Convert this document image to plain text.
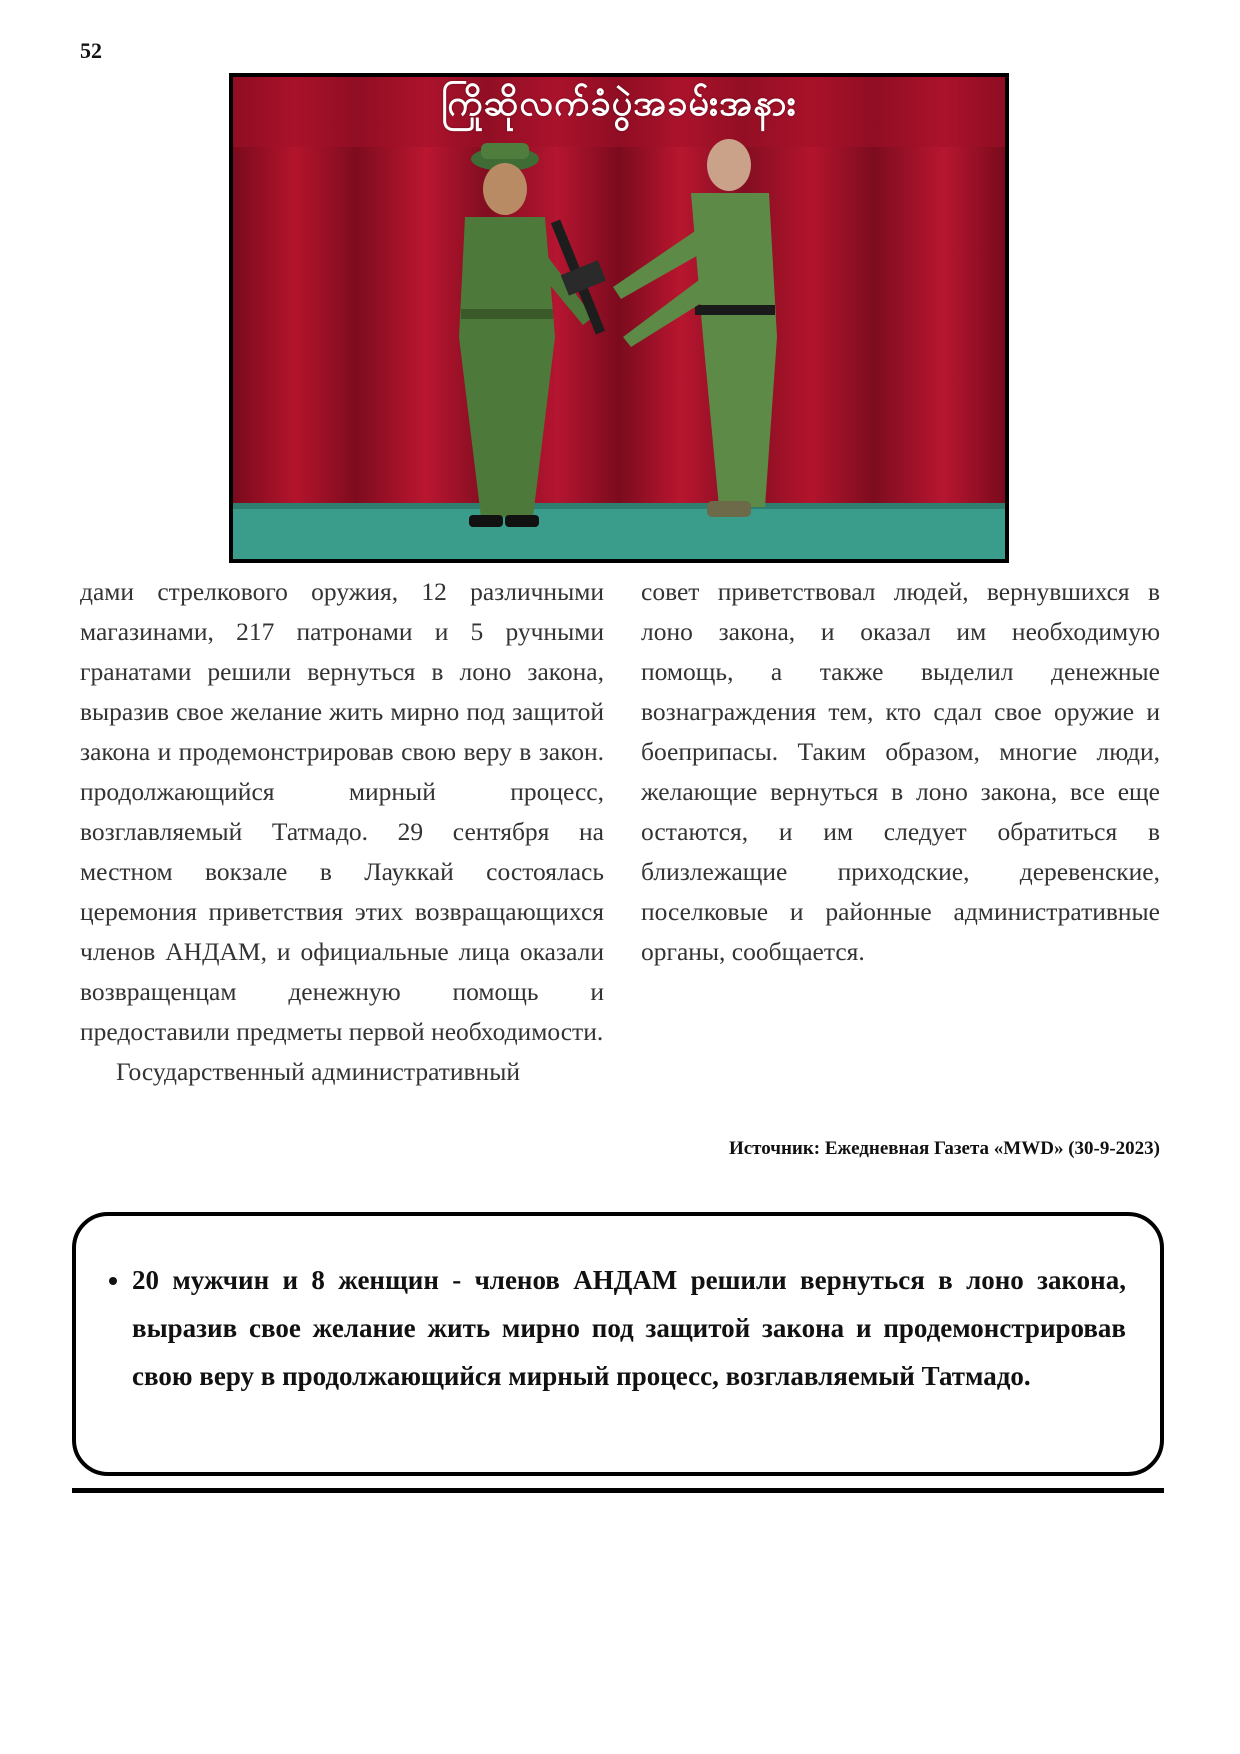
52
ကြိုဆိုလက်ခံပွဲအခမ်းအနား

дами стрелкового оружия, 12 различными магазинами, 217 патронами и 5 ручными гранатами решили вернуться в лоно закона, выразив свое желание жить мирно под защитой закона и продемонстрировав свою веру в закон. продолжающийся мирный процесс, возглавляемый Татмадо. 29 сентября на местном вокзале в Лауккай состоялась церемония приветствия этих возвращающихся членов АНДАМ, и официальные лица оказали возвращенцам денежную помощь и предоставили предметы первой необходимости.

Государственный административный

совет приветствовал людей, вернувшихся в лоно закона, и оказал им необходимую помощь, а также выделил денежные вознаграждения тем, кто сдал свое оружие и боеприпасы. Таким образом, многие люди, желающие вернуться в лоно закона, все еще остаются, и им следует обратиться в близлежащие приходские, деревенские, поселковые и районные административные органы, сообщается.

Источник: Ежедневная Газета «MWD» (30-9-2023)
• 20 мужчин и 8 женщин - членов АНДАМ решили вернуться в лоно закона, выразив свое желание жить мирно под защитой закона и продемонстрировав свою веру в продолжающийся мирный процесс, возглавляемый Татмадо.
